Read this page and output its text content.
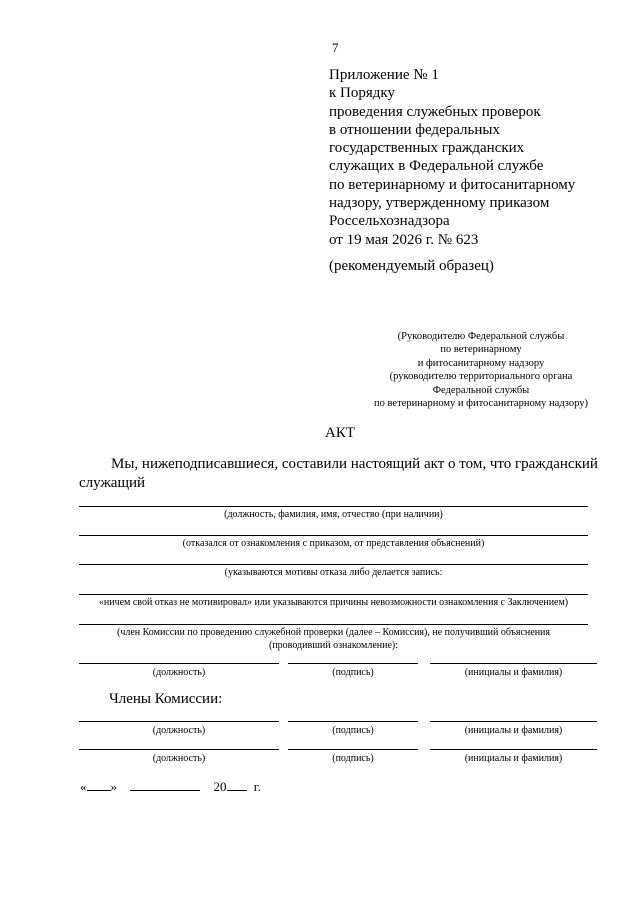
7
Приложение № 1
к Порядку
проведения служебных проверок
в отношении федеральных
государственных гражданских
служащих в Федеральной службе
по ветеринарному и фитосанитарному
надзору, утвержденному приказом
Россельхознадзора
от 19 мая 2026 г. № 623
(рекомендуемый образец)
(Руководителю Федеральной службы
по ветеринарному
и фитосанитарному надзору
(руководителю территориального органа
Федеральной службы
по ветеринарному и фитосанитарному надзору)
АКТ
Мы, нижеподписавшиеся, составили настоящий акт о том, что гражданский
служащий
(должность, фамилия, имя, отчество (при наличии)
(отказался от ознакомления с приказом, от представления объяснений)
(указываются мотивы отказа либо делается запись:
«ничем свой отказ не мотивировал» или указываются причины невозможности ознакомления с Заключением)
(член Комиссии по проведению служебной проверки (далее – Комиссия), не получивший объяснения
(проводивший ознакомление):
(должность)	(подпись)	(инициалы и фамилия)
Члены Комиссии:
(должность)	(подпись)	(инициалы и фамилия)
(должность)	(подпись)	(инициалы и фамилия)
« »	20 г.
